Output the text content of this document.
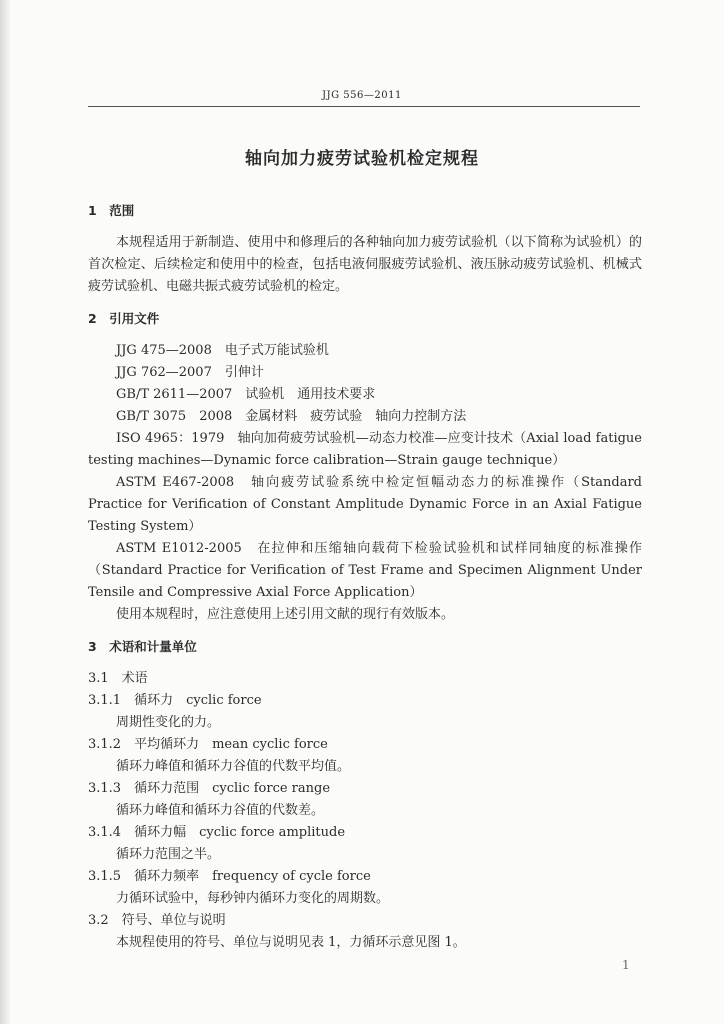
JJG 556—2011
轴向加力疲劳试验机检定规程
1　范围
本规程适用于新制造、使用中和修理后的各种轴向加力疲劳试验机（以下简称为试验机）的首次检定、后续检定和使用中的检查，包括电液伺服疲劳试验机、液压脉动疲劳试验机、机械式疲劳试验机、电磁共振式疲劳试验机的检定。
2　引用文件
JJG 475—2008　电子式万能试验机
JJG 762—2007　引伸计
GB/T 2611—2007　试验机　通用技术要求
GB/T 3075　2008　金属材料　疲劳试验　轴向力控制方法
ISO 4965：1979　轴向加荷疲劳试验机—动态力校准—应变计技术（Axial load fatigue testing machines—Dynamic force calibration—Strain gauge technique）
ASTM E467-2008　轴向疲劳试验系统中检定恒幅动态力的标准操作（Standard Practice for Verification of Constant Amplitude Dynamic Force in an Axial Fatigue Testing System）
ASTM E1012-2005　在拉伸和压缩轴向载荷下检验试验机和试样同轴度的标准操作（Standard Practice for Verification of Test Frame and Specimen Alignment Under Tensile and Compressive Axial Force Application）
使用本规程时，应注意使用上述引用文献的现行有效版本。
3　术语和计量单位
3.1　术语
3.1.1　 循环力　cyclic force
周期性变化的力。
3.1.2　 平均循环力　mean cyclic force
循环力峰值和循环力谷值的代数平均值。
3.1.3　 循环力范围　cyclic force range
循环力峰值和循环力谷值的代数差。
3.1.4　 循环力幅　cyclic force amplitude
循环力范围之半。
3.1.5　 循环力频率　frequency of cycle force
力循环试验中，每秒钟内循环力变化的周期数。
3.2　符号、单位与说明
本规程使用的符号、单位与说明见表 1，力循环示意见图 1。
1
